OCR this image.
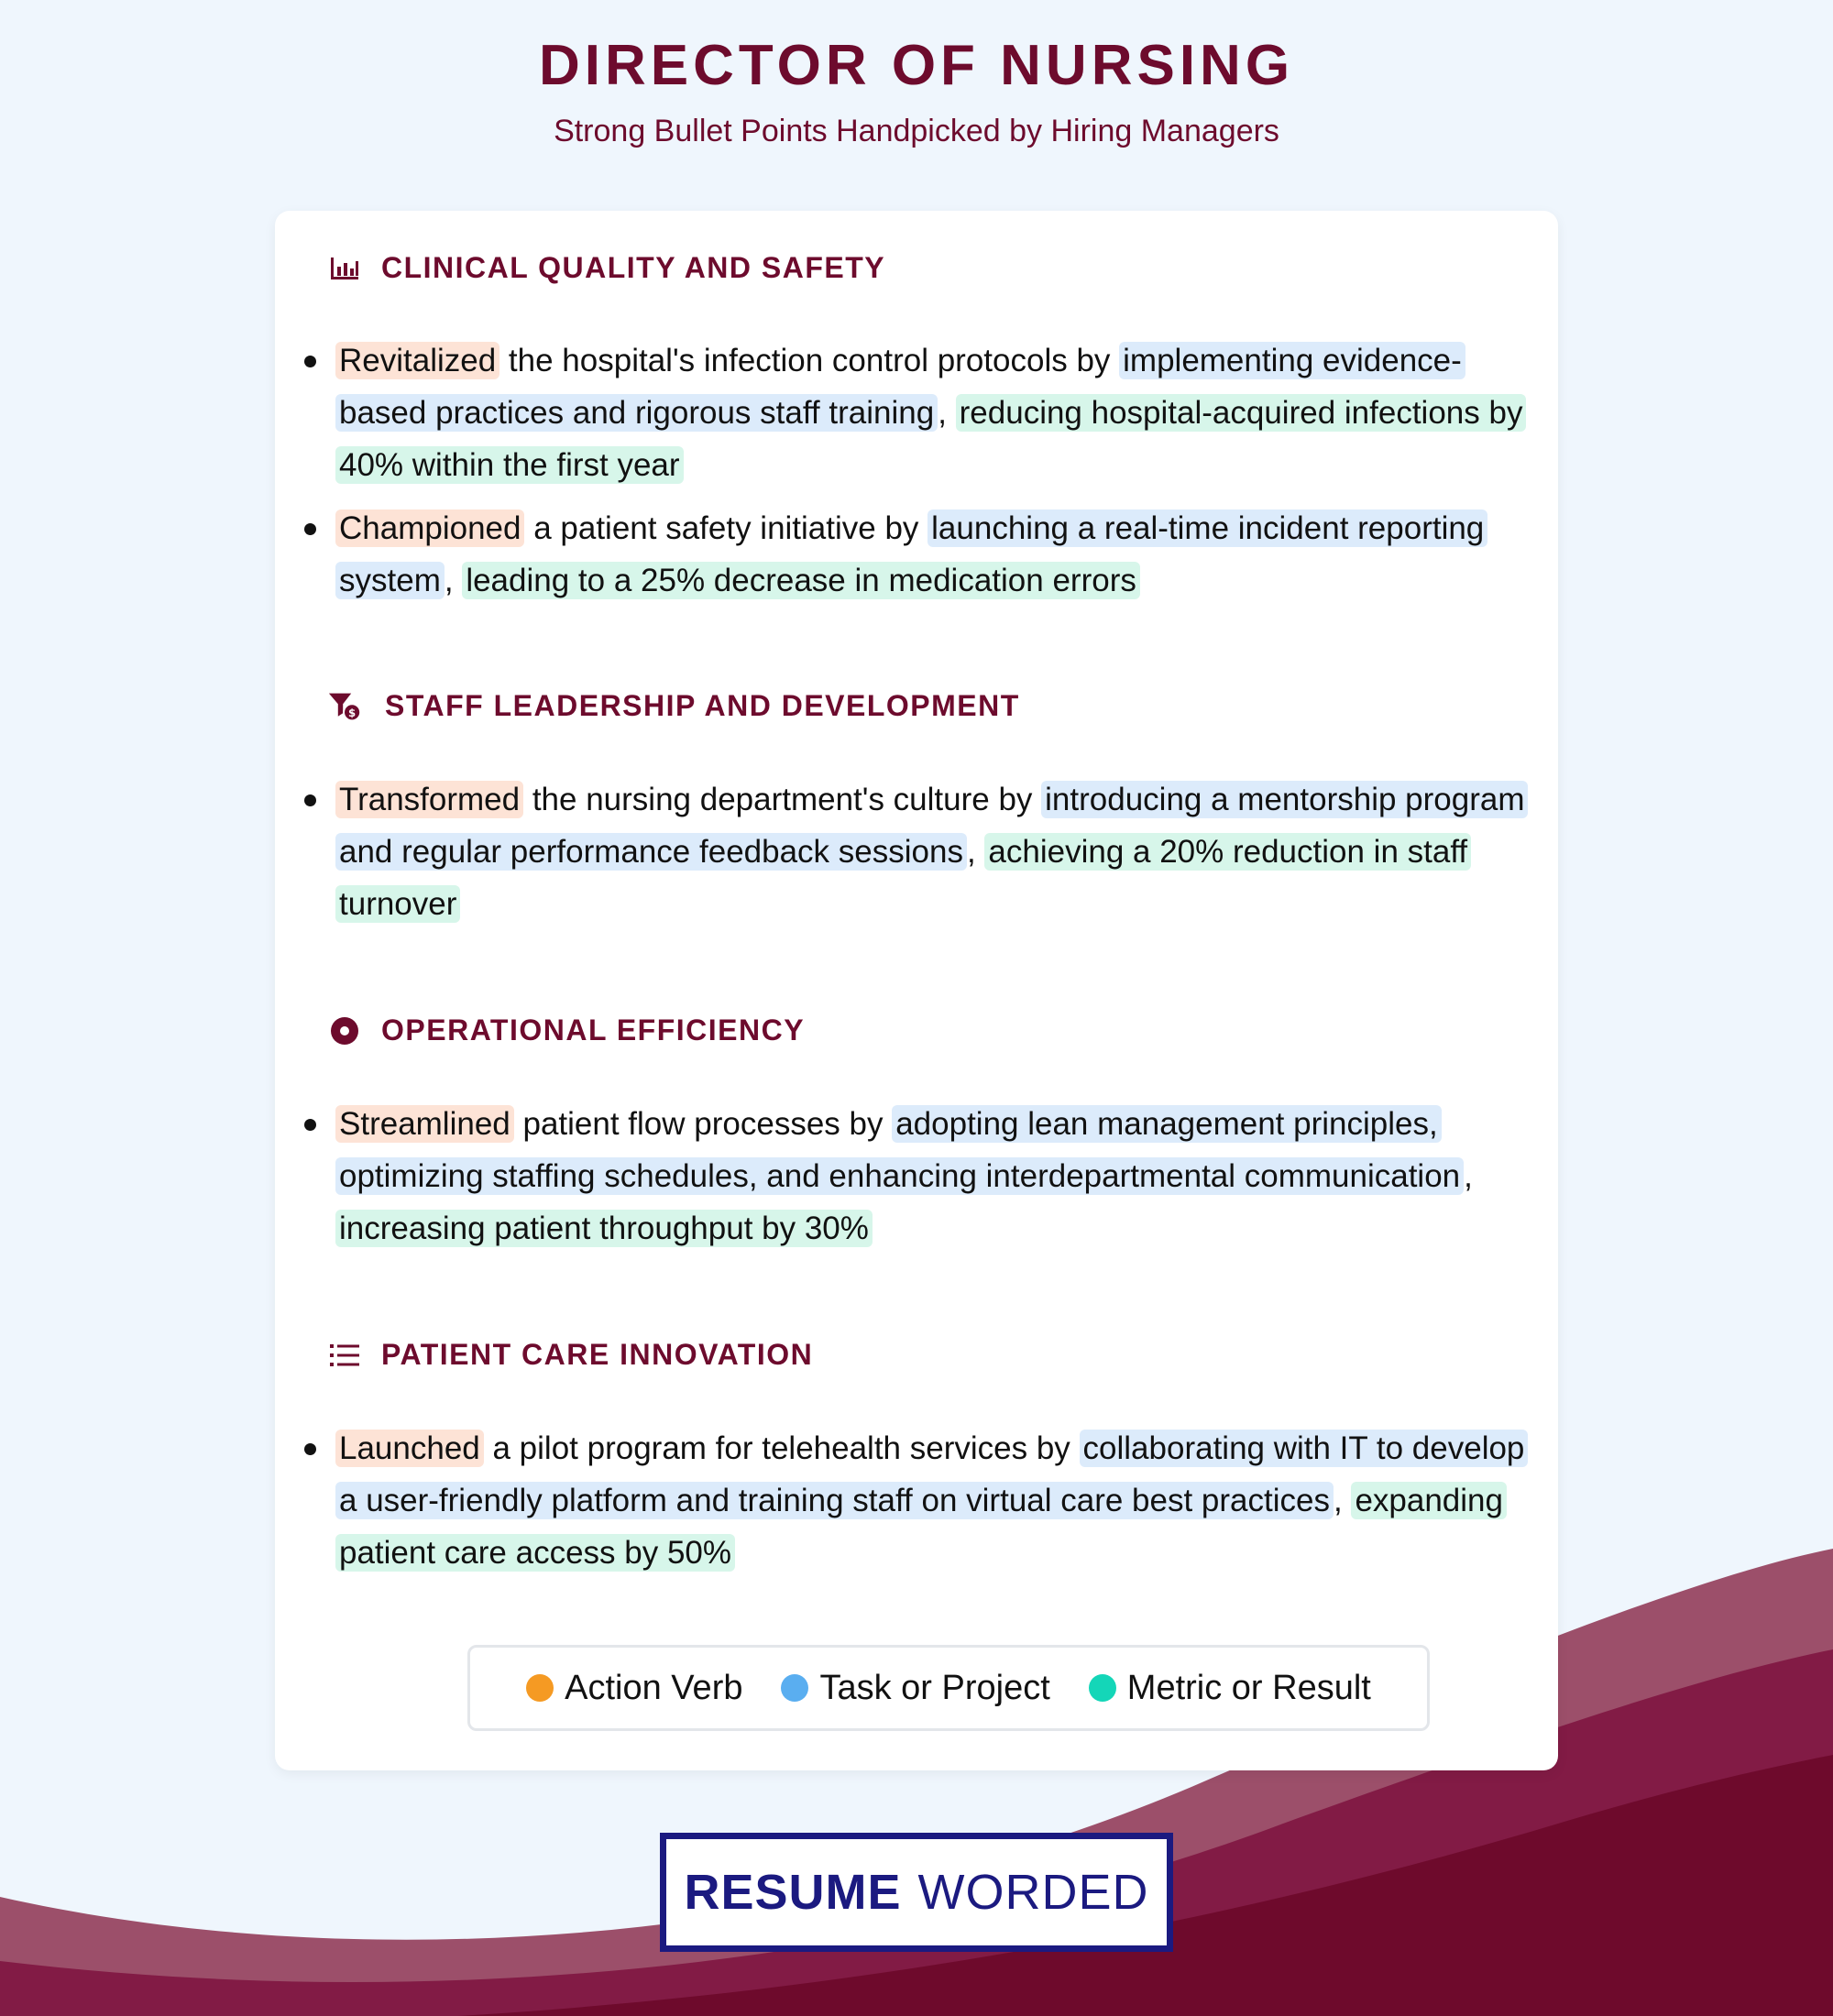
DIRECTOR OF NURSING

Strong Bullet Points Handpicked by Hiring Managers

CLINICAL QUALITY AND SAFETY
Revitalized the hospital's infection control protocols by implementing evidence-based practices and rigorous staff training , reducing hospital-acquired infections by 40% within the first year
Championed a patient safety initiative by launching a real-time incident reporting system , leading to a 25% decrease in medication errors
$ STAFF LEADERSHIP AND DEVELOPMENT
Transformed the nursing department's culture by introducing a mentorship program and regular performance feedback sessions , achieving a 20% reduction in staff turnover
OPERATIONAL EFFICIENCY
Streamlined patient flow processes by adopting lean management principles, optimizing staffing schedules, and enhancing interdepartmental communication , increasing patient throughput by 30%
PATIENT CARE INNOVATION
Launched a pilot program for telehealth services by collaborating with IT to develop a user-friendly platform and training staff on virtual care best practices , expanding patient care access by 50%
Action Verb Task or Project Metric or Result
RESUME WORDED
